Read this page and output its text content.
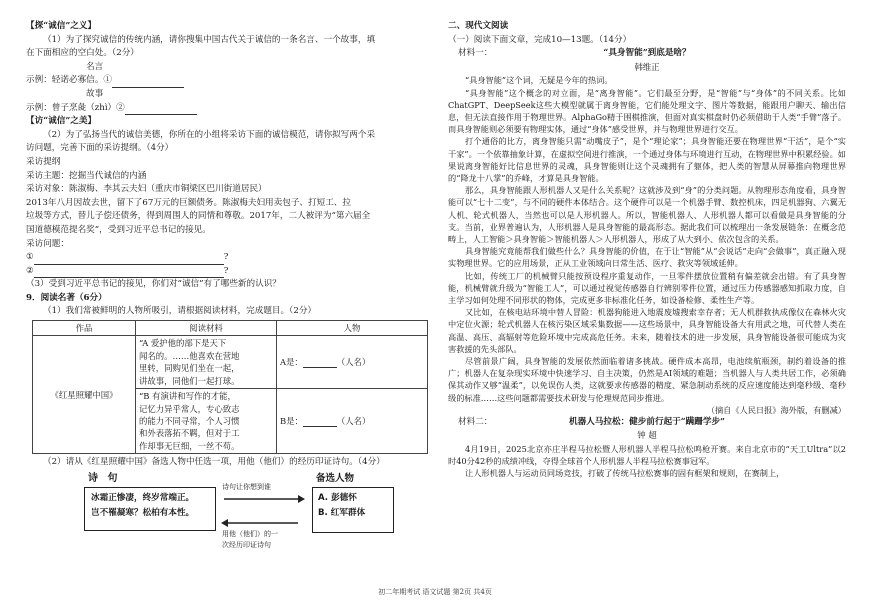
【探“诚信”之义】
（1）为了探究诚信的传统内涵，请你搜集中国古代关于诚信的一条名言、一个故事，填
在下面相应的空白处。（2分）
名言
示例：轻诺必寡信。①
故事
示例：曾子烹彘（zhì）②
【访“诚信”之美】
（2）为了弘扬当代的诚信美德，你所在的小组将采访下面的诚信模范，请你拟写两个采
访问题，完善下面的采访提纲。（4分）
采访提纲
采访主题：挖掘当代诚信的内涵
采访对象：陈淑梅、李其云夫妇（重庆市铜梁区巴川街道居民）
2013年八月因故去世，留下了67万元的巨额债务。陈淑梅夫妇用卖包子、打短工、拉
垃圾等方式，替儿子偿还债务，得到周围人的同情和尊敬。2017年，二人被评为“第六届全
国道德模范提名奖”，受到习近平总书记的接见。
采访问题：
①	?
②	?
（3）受到习近平总书记的接见，你们对“诚信”有了哪些新的认识？
9．阅读名著（6分）
（1）我们常被鲜明的人物所吸引，请根据阅读材料，完成题目。（2分）
作品	阅读材料	人物
《红星照耀中国》	“A 爱护他的部下是天下
闻名的。……他喜欢在营地
里转，同购见们坐在一起，
讲故事，同他们一起打球。	A是： （人名）

	“B 有演讲和写作的才能，
记忆力异乎常人，专心致志
的能力不同寻常，个人习惯
和外表落拓不羁，但对于工
作却事无巨细，一丝不苟。	B是： （人名）
（2）请从《红星照耀中国》备选人物中任选一项，用他（他们）的经历印证诗句。（4分）
诗 句
冰霜正惨凄，终岁常端正。
岂不罹凝寒？松柏有本性。
诗句让你想到谁
用他（他们）的一
次经历印证诗句
备选人物
A. 彭德怀
B. 红军群体
二、现代文阅读
（一）阅读下面文章，完成10—13题。（14分）
材料一：	“具身智能”到底是啥？
韩维正
“具身智能”这个词，无疑是今年的热词。
“具身智能”这个概念的对立面，是“离身智能”。它们最至分野，是“智能”与“身体”的不同关系。比如ChatGPT、DeepSeek这些大模型就属于离身智能，它们能处理文字、图片等数据，能跟用户聊天、输出信息，但无法直接作用于物理世界。AlphaGo精于围棋推演，但面对真实棋盘时仍必须借助于人类“手臂”落子。而具身智能则必须要有物理实体，通过“身体”感受世界，并与物理世界进行交互。
打个通俗的比方，离身智能只需“动嘴皮子”，是个“理论家”；具身智能还要在物理世界“干活”，是个“实干家”。一个依靠抽象计算，在虚拟空间进行推演，一个通过身体与环境进行互动，在物理世界中积累经验。如果说离身智能好比信息世界的灵魂，具身智能则让这个灵魂拥有了躯体，把人类的智慧从屏幕推向物理世界的“降龙十八掌”的乔峰，才算是具身智能。
那么，具身智能跟人形机器人又是什么关系呢？这就涉及到“身”的分类问题。从物理形态角度看，具身智能可以“七十二变”，与不同的硬件本体结合。这个硬件可以是一个机器手臂、数控机床，四足机器狗、六翼无人机、轮式机器人，当然也可以是人形机器人。所以，智能机器人、人形机器人都可以看做是具身智能的分支。当前，业界普遍认为，人形机器人是具身智能的最高形态。据此我们可以梳理出一条发展链条：在概念范畴上，人工智能＞具身智能＞智能机器人＞人形机器人，形成了从大到小、依次包含的关系。
具身智能究竟能帮我们做些什么？具身智能的价值，在于让“智能”从“会说话”走向“会做事”，真正融入现实物理世界。它的应用场景，正从工业领域向日常生活、医疗、救灾等领域延伸。
比如，传统工厂的机械臂只能按预设程序重复动作，一旦零件摆放位置稍有偏差就会出错。有了具身智能，机械臂就升级为“智能工人”，可以通过视觉传感器自行辨别零件位置，通过压力传感器感知抓取力度，自主学习如何处理不同形状的物体，完成更多非标准化任务，如设备检修、柔性生产等。
又比如，在核电站环境中替人冒险：机器狗能进入地震废墟搜索幸存者；无人机群救执成像仪在森林火灾中定位火源；轮式机器人在核污染区域采集数据——这些场景中，具身智能设备大有用武之地，可代替人类在高温、高压、高辐射等危险环境中完成高危任务。未来，随着技术的进一步发展，具身智能设备很可能成为灾害救援的先头部队。
尽管前景广阔，具身智能的发展依然面临着诸多挑战。硬件成本高昂，电池续航瓶颈，制约着设备的推广；机器人在复杂现实环境中快速学习、自主决策，仍然是AI领域的难题；当机器人与人类共居工作，必须确保其动作又够“温柔”，以免误伤人类，这就要求传感器的精度、紧急制动系统的反应速度能达到毫秒级、毫秒级的标准……这些问题都需要技术研发与伦理规范同步推进。
（摘自《人民日报》海外版，有删减）
材料二：	机器人马拉松：健步前行起于“蹒跚学步”
钟 超
4月19日，2025北京亦庄半程马拉松暨人形机器人半程马拉松鸣枪开赛。来自北京市的“天工Ultra”以2时40分42秒的成绩冲线，夺得全球首个人形机器人半程马拉松赛事冠军。
让人形机器人与运动员同场竞技，打破了传统马拉松赛事的固有框架和规则，在赛制上，
初二年期考试 语文试题 第2页 共4页
